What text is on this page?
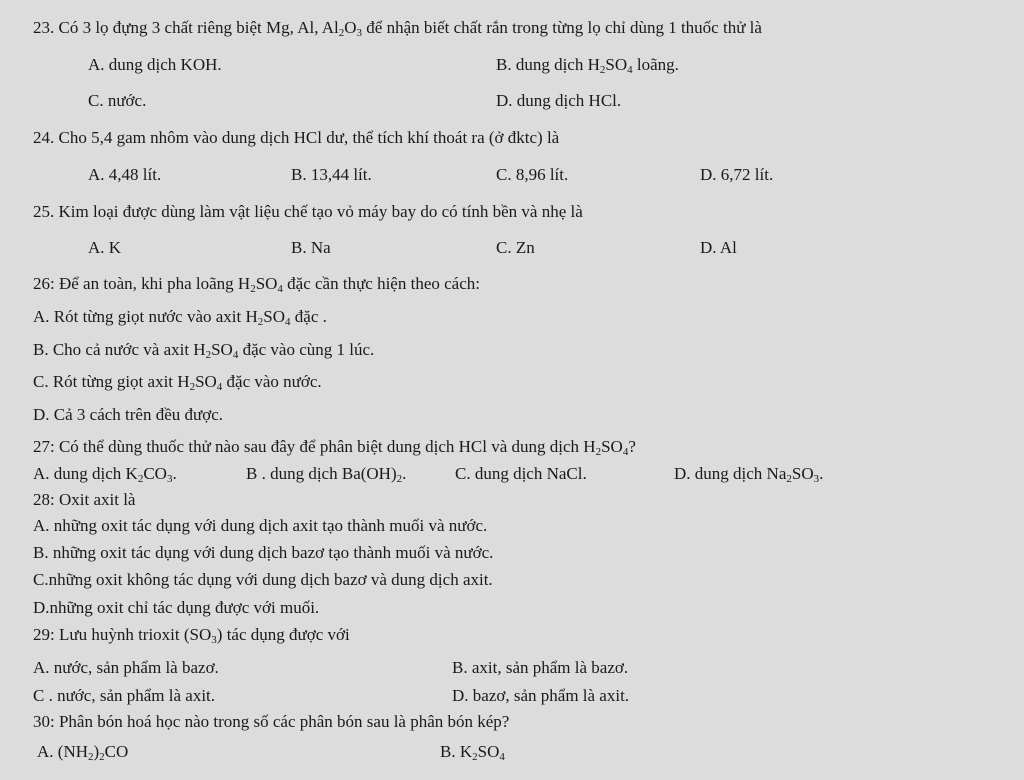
23. Có 3 lọ đựng 3 chất riêng biệt Mg, Al, $Al_2O_3$ để nhận biết chất rắn trong từng lọ chỉ dùng 1 thuốc thử là
A. dung dịch KOH.	B. dung dịch $H_2SO_4$ loãng.
C. nước.	D. dung dịch HCl.
24. Cho 5,4 gam nhôm vào dung dịch HCl dư, thể tích khí thoát ra (ở đktc) là
A. 4,48 lít.	B. 13,44 lít.	C. 8,96 lít.	D. 6,72 lít.
25. Kim loại được dùng làm vật liệu chế tạo vỏ máy bay do có tính bền và nhẹ là
A. K	B. Na	C. Zn	D. Al
26: Để an toàn, khi pha loãng $H_2SO_4$ đặc cần thực hiện theo cách:
A. Rót từng giọt nước vào axit $H_2SO_4$ đặc .
B. Cho cả nước và axit $H_2SO_4$ đặc vào cùng 1 lúc.
C. Rót từng giọt axit $H_2SO_4$ đặc vào nước.
D. Cả 3 cách trên đều được.
27: Có thể dùng thuốc thử nào sau đây để phân biệt dung dịch HCl và dung dịch $H_2SO_4$?
A. dung dịch $K_2CO_3$.	B . dung dịch $Ba(OH)_2$.	C. dung dịch NaCl.	D. dung dịch $Na_2SO_3$.
28: Oxit axit là
A. những oxit tác dụng với dung dịch axit tạo thành muối và nước.
B. những oxit tác dụng với dung dịch bazơ tạo thành muối và nước.
C.những oxit không tác dụng với dung dịch bazơ và dung dịch axit.
D.những oxit chỉ tác dụng được với muối.
29: Lưu huỳnh trioxit $(SO_3)$ tác dụng được với
A. nước, sản phẩm là bazơ.	B. axit, sản phẩm là bazơ.
C . nước, sản phẩm là axit.	D. bazơ, sản phẩm là axit.
30: Phân bón hoá học nào trong số các phân bón sau là phân bón kép?
A. $(NH_2)_2CO$	B. $K_2SO_4$
